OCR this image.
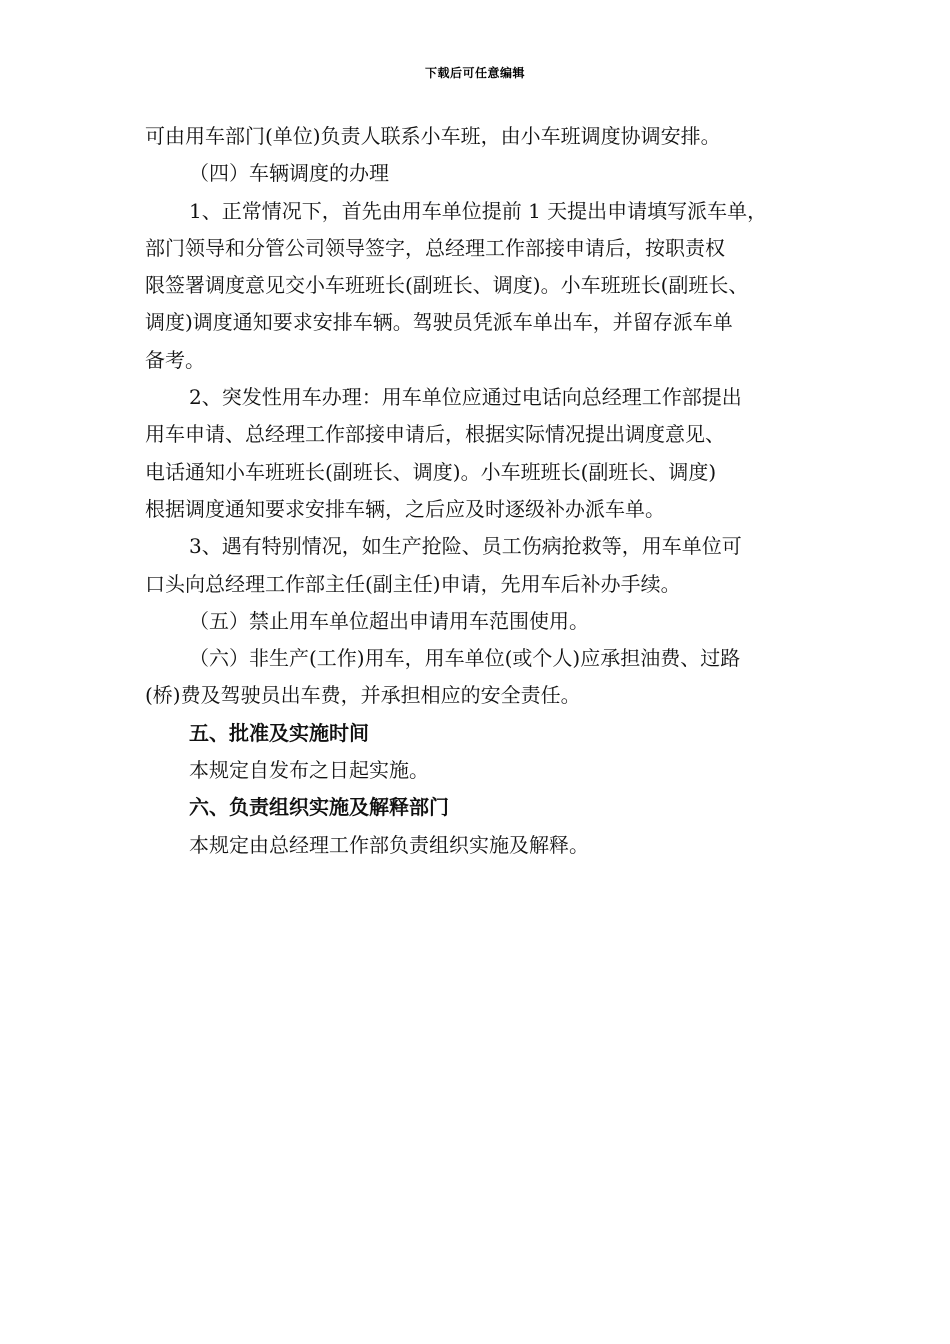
下载后可任意编辑
可由用车部门(单位)负责人联系小车班，由小车班调度协调安排。
（四）车辆调度的办理
1、正常情况下，首先由用车单位提前 1 天提出申请填写派车单，
部门领导和分管公司领导签字，总经理工作部接申请后，按职责权
限签署调度意见交小车班班长(副班长、调度)。小车班班长(副班长、
调度)调度通知要求安排车辆。驾驶员凭派车单出车，并留存派车单
备考。
2、突发性用车办理：用车单位应通过电话向总经理工作部提出
用车申请、总经理工作部接申请后，根据实际情况提出调度意见、
电话通知小车班班长(副班长、调度)。小车班班长(副班长、调度)
根据调度通知要求安排车辆，之后应及时逐级补办派车单。
3、遇有特别情况，如生产抢险、员工伤病抢救等，用车单位可
口头向总经理工作部主任(副主任)申请，先用车后补办手续。
（五）禁止用车单位超出申请用车范围使用。
（六）非生产(工作)用车，用车单位(或个人)应承担油费、过路
(桥)费及驾驶员出车费，并承担相应的安全责任。
五、批准及实施时间
本规定自发布之日起实施。
六、负责组织实施及解释部门
本规定由总经理工作部负责组织实施及解释。
